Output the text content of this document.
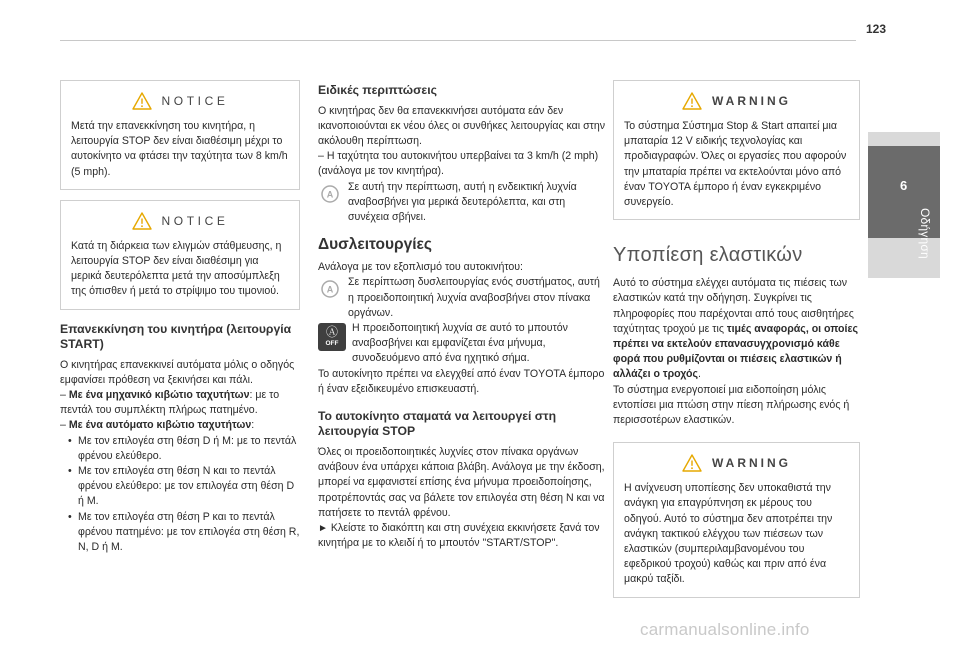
123
6
Οδήγηση
NOTICE

Μετά την επανεκκίνηση του κινητήρα, η λειτουργία STOP δεν είναι διαθέσιμη μέχρι το αυτοκίνητο να φτάσει την ταχύτητα των 8 km/h (5 mph).

NOTICE

Κατά τη διάρκεια των ελιγμών στάθμευσης, η λειτουργία STOP δεν είναι διαθέσιμη για μερικά δευτερόλεπτα μετά την αποσύμπλεξη της όπισθεν ή μετά το στρίψιμο του τιμονιού.

Επανεκκίνηση του κινητήρα (λειτουργία START)

Ο κινητήρας επανεκκινεί αυτόματα μόλις ο οδηγός εμφανίσει πρόθεση να ξεκινήσει και πάλι.

– Με ένα μηχανικό κιβώτιο ταχυτήτων: με το πεντάλ του συμπλέκτη πλήρως πατημένο.

– Με ένα αυτόματο κιβώτιο ταχυτήτων:

• Με τον επιλογέα στη θέση D ή M: με το πεντάλ φρένου ελεύθερο.
• Με τον επιλογέα στη θέση N και το πεντάλ φρένου ελεύθερο: με τον επιλογέα στη θέση D ή M.
• Με τον επιλογέα στη θέση P και το πεντάλ φρένου πατημένο: με τον επιλογέα στη θέση R, N, D ή M.
Ειδικές περιπτώσεις

Ο κινητήρας δεν θα επανεκκινήσει αυτόματα εάν δεν ικανοποιούνται εκ νέου όλες οι συνθήκες λειτουργίας και στην ακόλουθη περίπτωση.

– Η ταχύτητα του αυτοκινήτου υπερβαίνει τα 3 km/h (2 mph) (ανάλογα με τον κινητήρα).

A

Σε αυτή την περίπτωση, αυτή η ενδεικτική λυχνία αναβοσβήνει για μερικά δευτερόλεπτα, και στη συνέχεια σβήνει.

Δυσλειτουργίες

Ανάλογα με τον εξοπλισμό του αυτοκινήτου:

A

Σε περίπτωση δυσλειτουργίας ενός συστήματος, αυτή η προειδοποιητική λυχνία αναβοσβήνει στον πίνακα οργάνων.

Ⓐ
OFF

Η προειδοποιητική λυχνία σε αυτό το μπουτόν αναβοσβήνει και εμφανίζεται ένα μήνυμα, συνοδευόμενο από ένα ηχητικό σήμα.

Το αυτοκίνητο πρέπει να ελεγχθεί από έναν TOYOTA έμπορο ή έναν εξειδικευμένο επισκευαστή.

Το αυτοκίνητο σταματά να λειτουργεί στη λειτουργία STOP

Όλες οι προειδοποιητικές λυχνίες στον πίνακα οργάνων ανάβουν ένα υπάρχει κάποια βλάβη. Ανάλογα με την έκδοση, μπορεί να εμφανιστεί επίσης ένα μήνυμα προειδοποίησης, προτρέποντάς σας να βάλετε τον επιλογέα στη θέση N και να πατήσετε το πεντάλ φρένου.

► Κλείστε το διακόπτη και στη συνέχεια εκκινήσετε ξανά τον κινητήρα με το κλειδί ή το μπουτόν "START/STOP".

WARNING

Το σύστημα Σύστημα Stop & Start απαιτεί μια μπαταρία 12 V ειδικής τεχνολογίας και προδιαγραφών. Όλες οι εργασίες που αφορούν την μπαταρία πρέπει να εκτελούνται μόνο από έναν TOYOTA έμπορο ή έναν εγκεκριμένο συνεργείο.

Υποπίεση ελαστικών

Αυτό το σύστημα ελέγχει αυτόματα τις πιέσεις των ελαστικών κατά την οδήγηση. Συγκρίνει τις πληροφορίες που παρέχονται από τους αισθητήρες ταχύτητας τροχού με τις τιμές αναφοράς, οι οποίες πρέπει να εκτελούν επανασυγχρονισμό κάθε φορά που ρυθμίζονται οι πιέσεις ελαστικών ή αλλάζει ο τροχός.

Το σύστημα ενεργοποιεί μια ειδοποίηση μόλις εντοπίσει μια πτώση στην πίεση πλήρωσης ενός ή περισσοτέρων ελαστικών.

WARNING

Η ανίχνευση υποπίεσης δεν υποκαθιστά την ανάγκη για επαγρύπνηση εκ μέρους του οδηγού. Αυτό το σύστημα δεν αποτρέπει την ανάγκη τακτικού ελέγχου των πιέσεων των ελαστικών (συμπεριλαμβανομένου του εφεδρικού τροχού) καθώς και πριν από ένα μακρύ ταξίδι.

carmanualsonline.info
